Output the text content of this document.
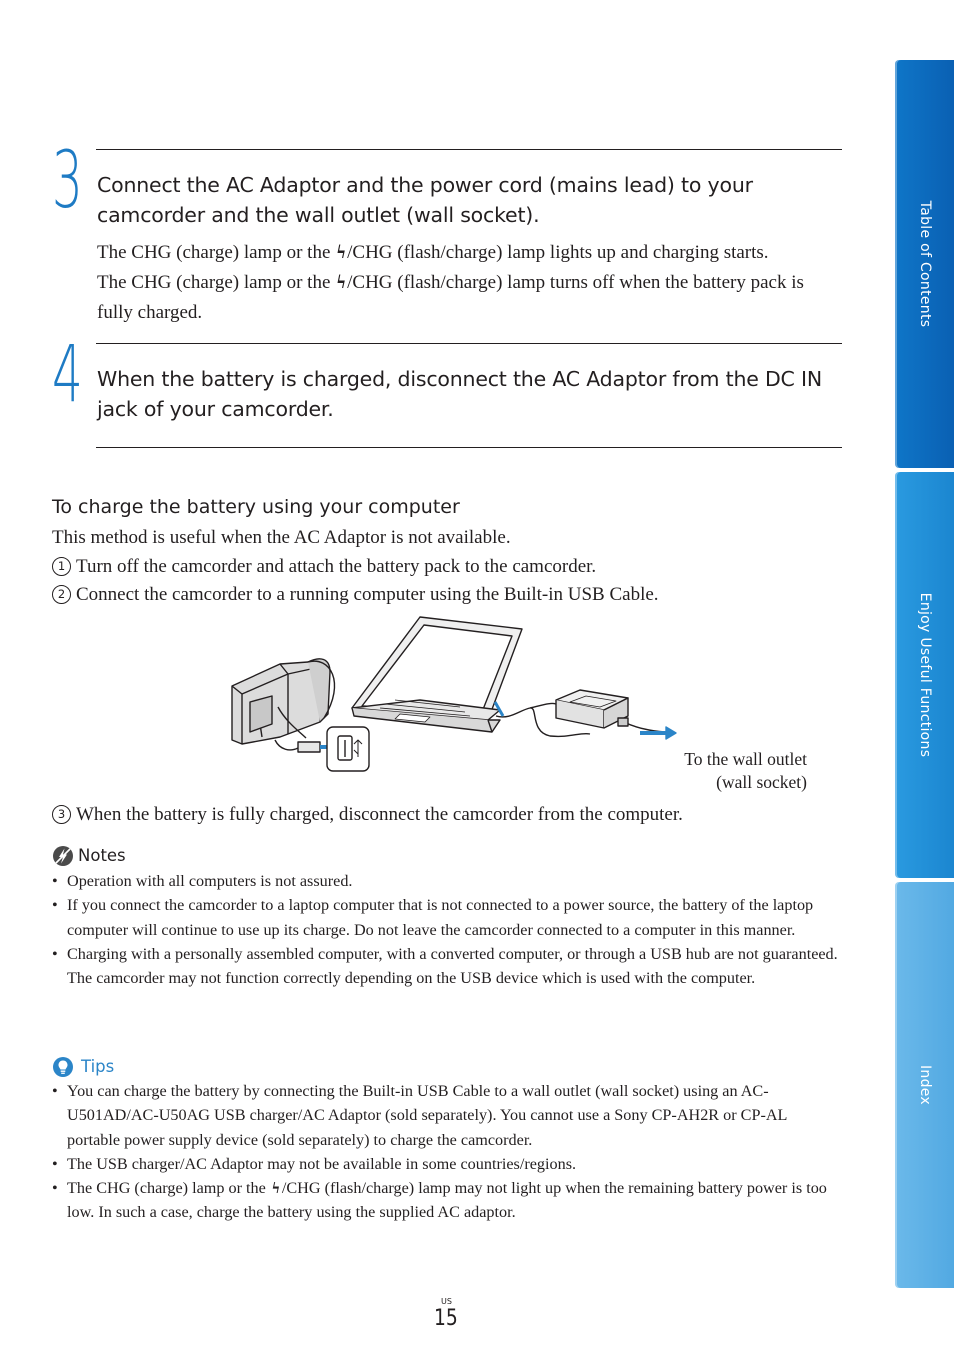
Table of Contents
Enjoy Useful Functions
Index
3 Connect the AC Adaptor and the power cord (mains lead) to your camcorder and the wall outlet (wall socket).
The CHG (charge) lamp or the ϟ/CHG (flash/charge) lamp lights up and charging starts.
The CHG (charge) lamp or the ϟ/CHG (flash/charge) lamp turns off when the battery pack is fully charged.
4 When the battery is charged, disconnect the AC Adaptor from the DC IN jack of your camcorder.
To charge the battery using your computer
This method is useful when the AC Adaptor is not available.
1 Turn off the camcorder and attach the battery pack to the camcorder.
2 Connect the camcorder to a running computer using the Built-in USB Cable.
To the wall outlet
(wall socket)
3 When the battery is fully charged, disconnect the camcorder from the computer.
Notes
• Operation with all computers is not assured.
• If you connect the camcorder to a laptop computer that is not connected to a power source, the battery of the laptop computer will continue to use up its charge. Do not leave the camcorder connected to a computer in this manner.
• Charging with a personally assembled computer, with a converted computer, or through a USB hub are not guaranteed. The camcorder may not function correctly depending on the USB device which is used with the computer.
Tips
• You can charge the battery by connecting the Built-in USB Cable to a wall outlet (wall socket) using an AC-U501AD/AC-U50AG USB charger/AC Adaptor (sold separately). You cannot use a Sony CP-AH2R or CP-AL portable power supply device (sold separately) to charge the camcorder.
• The USB charger/AC Adaptor may not be available in some countries/regions.
• The CHG (charge) lamp or the ϟ /CHG (flash/charge) lamp may not light up when the remaining battery power is too low. In such a case, charge the battery using the supplied AC adaptor.
US
15
